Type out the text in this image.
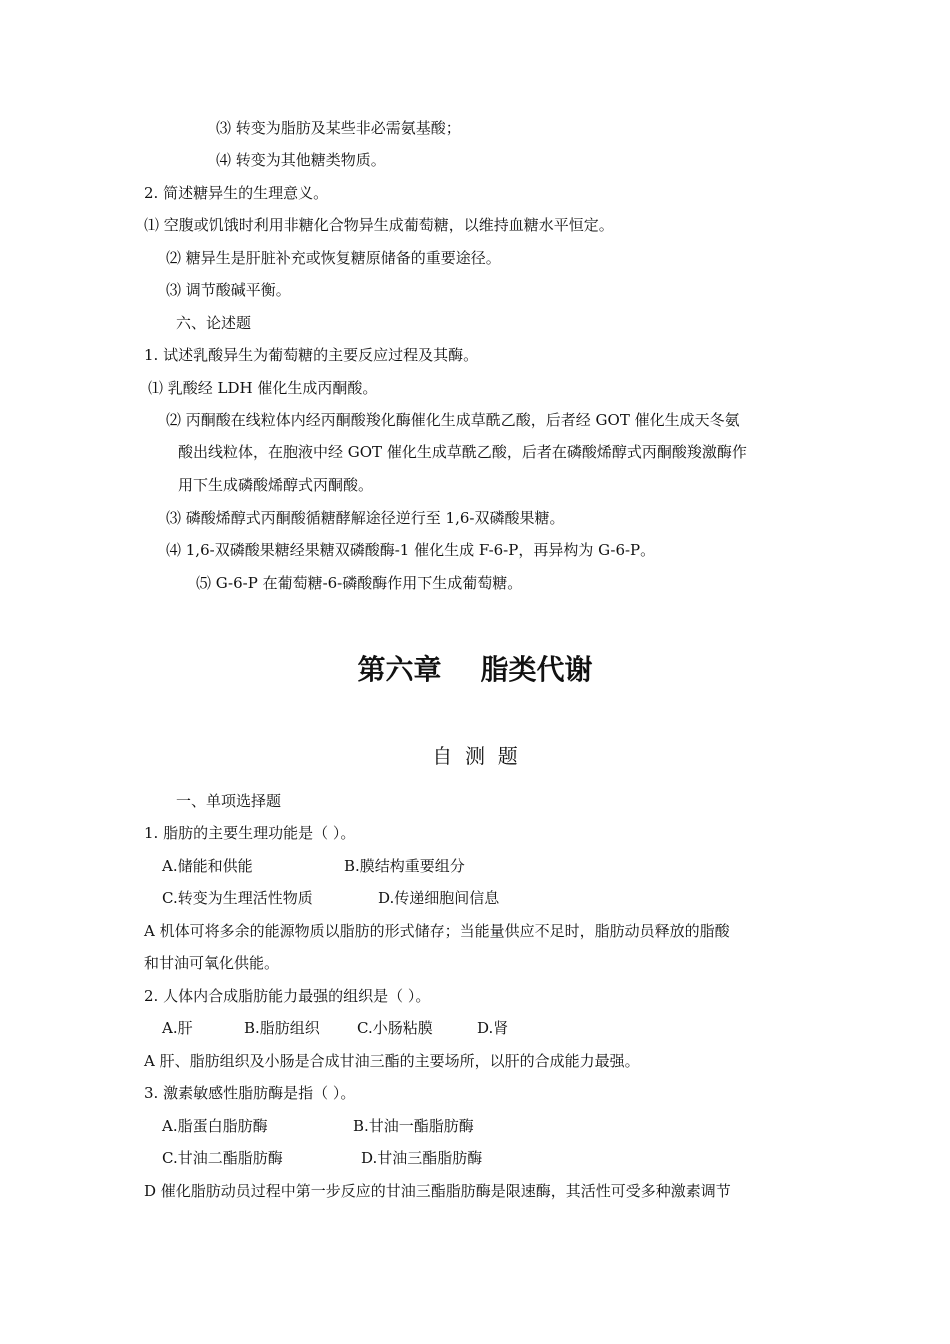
⑶ 转变为脂肪及某些非必需氨基酸；
⑷ 转变为其他糖类物质。
2. 简述糖异生的生理意义。
⑴ 空腹或饥饿时利用非糖化合物异生成葡萄糖，以维持血糖水平恒定。
⑵ 糖异生是肝脏补充或恢复糖原储备的重要途径。
⑶ 调节酸碱平衡。
六、论述题
1. 试述乳酸异生为葡萄糖的主要反应过程及其酶。
⑴ 乳酸经 LDH 催化生成丙酮酸。
⑵ 丙酮酸在线粒体内经丙酮酸羧化酶催化生成草酰乙酸，后者经 GOT 催化生成天冬氨
酸出线粒体，在胞液中经 GOT 催化生成草酰乙酸，后者在磷酸烯醇式丙酮酸羧激酶作
用下生成磷酸烯醇式丙酮酸。
⑶ 磷酸烯醇式丙酮酸循糖酵解途径逆行至 1,6-双磷酸果糖。
⑷ 1,6-双磷酸果糖经果糖双磷酸酶-1 催化生成 F-6-P，再异构为 G-6-P。
⑸ G-6-P 在葡萄糖-6-磷酸酶作用下生成葡萄糖。
第六章    脂类代谢
自  测  题
一、单项选择题
1. 脂肪的主要生理功能是（ ）。
A.储能和供能	B.膜结构重要组分
C.转变为生理活性物质	D.传递细胞间信息
A 机体可将多余的能源物质以脂肪的形式储存；当能量供应不足时，脂肪动员释放的脂酸
和甘油可氧化供能。
2. 人体内合成脂肪能力最强的组织是（ ）。
A.肝	B.脂肪组织 C.小肠粘膜	D.肾
A 肝、脂肪组织及小肠是合成甘油三酯的主要场所，以肝的合成能力最强。
3. 激素敏感性脂肪酶是指（ ）。
A.脂蛋白脂肪酶	B.甘油一酯脂肪酶
C.甘油二酯脂肪酶	D.甘油三酯脂肪酶
D 催化脂肪动员过程中第一步反应的甘油三酯脂肪酶是限速酶，其活性可受多种激素调节
